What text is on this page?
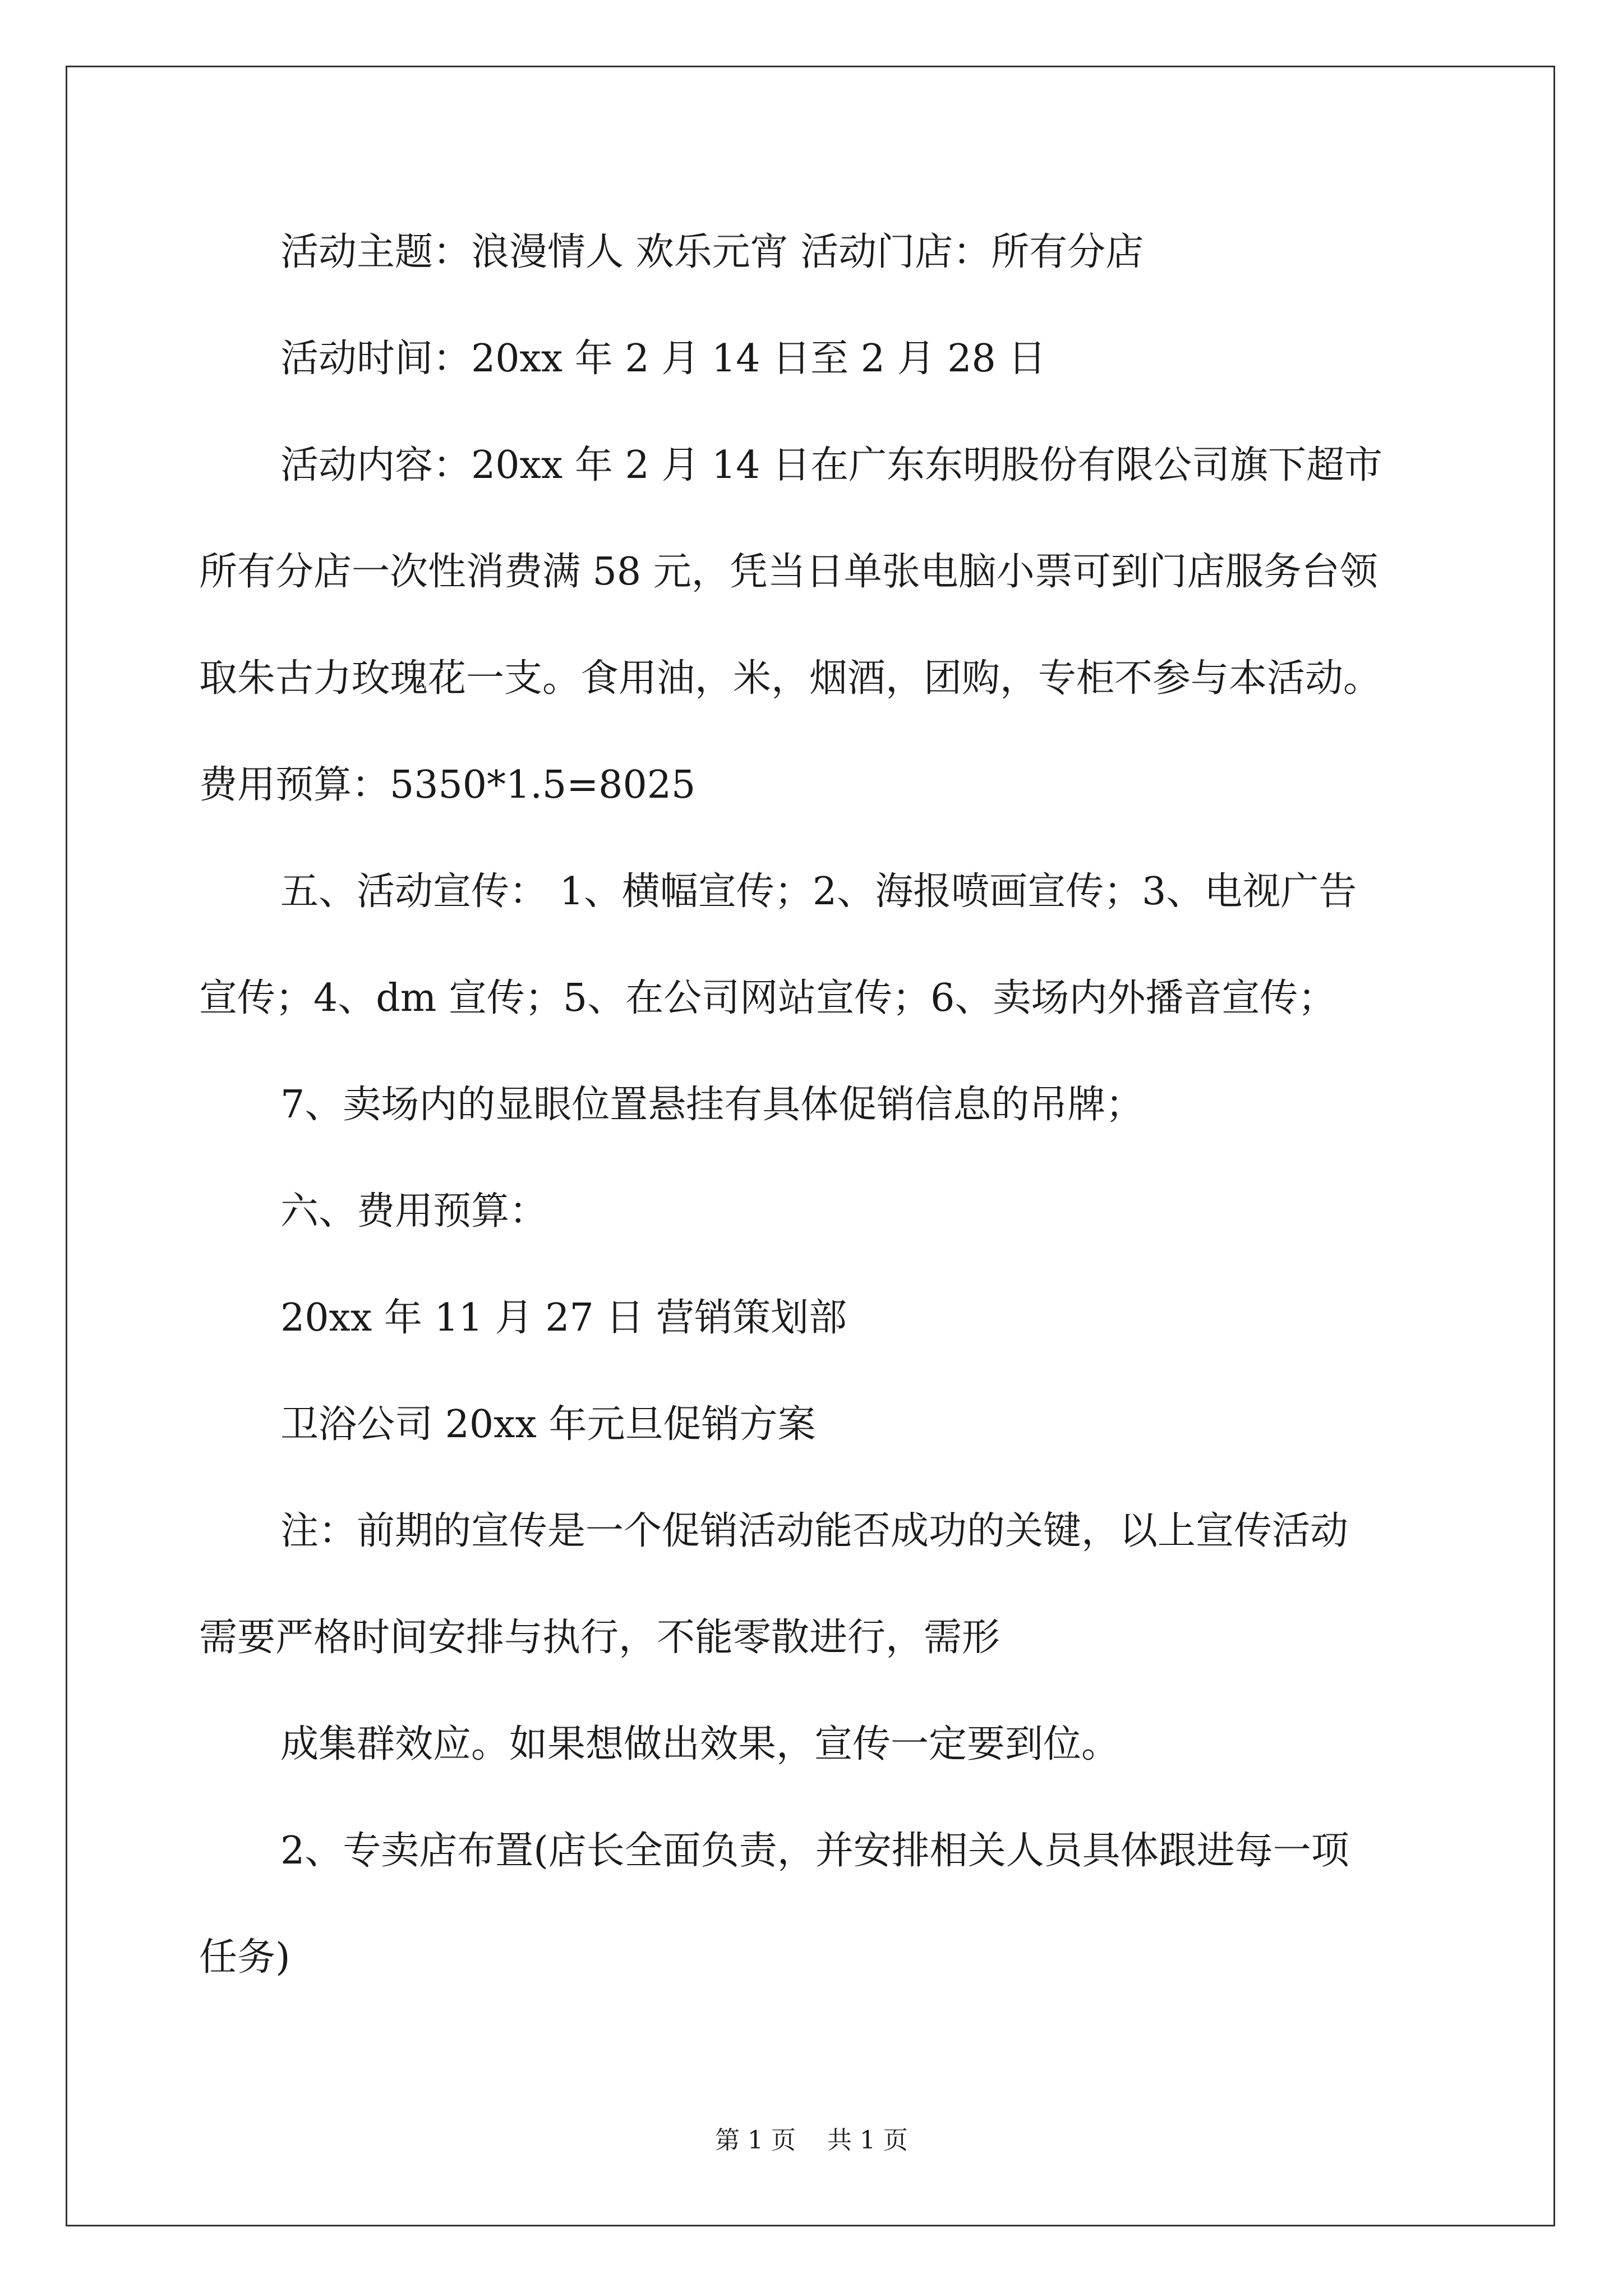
活动主题：浪漫情人 欢乐元宵 活动门店：所有分店
活动时间：20xx 年 2 月 14 日至 2 月 28 日
活动内容：20xx 年 2 月 14 日在广东东明股份有限公司旗下超市
所有分店一次性消费满 58 元，凭当日单张电脑小票可到门店服务台领
取朱古力玫瑰花一支。食用油，米，烟酒，团购，专柜不参与本活动。
费用预算：5350*1.5=8025
五、活动宣传： 1、横幅宣传；2、海报喷画宣传；3、电视广告
宣传；4、dm 宣传；5、在公司网站宣传；6、卖场内外播音宣传；
7、卖场内的显眼位置悬挂有具体促销信息的吊牌；
六、费用预算：
20xx 年 11 月 27 日 营销策划部
卫浴公司 20xx 年元旦促销方案
注：前期的宣传是一个促销活动能否成功的关键，以上宣传活动
需要严格时间安排与执行，不能零散进行，需形
成集群效应。如果想做出效果，宣传一定要到位。
2、专卖店布置(店长全面负责，并安排相关人员具体跟进每一项
任务)
第 1 页    共 1 页
